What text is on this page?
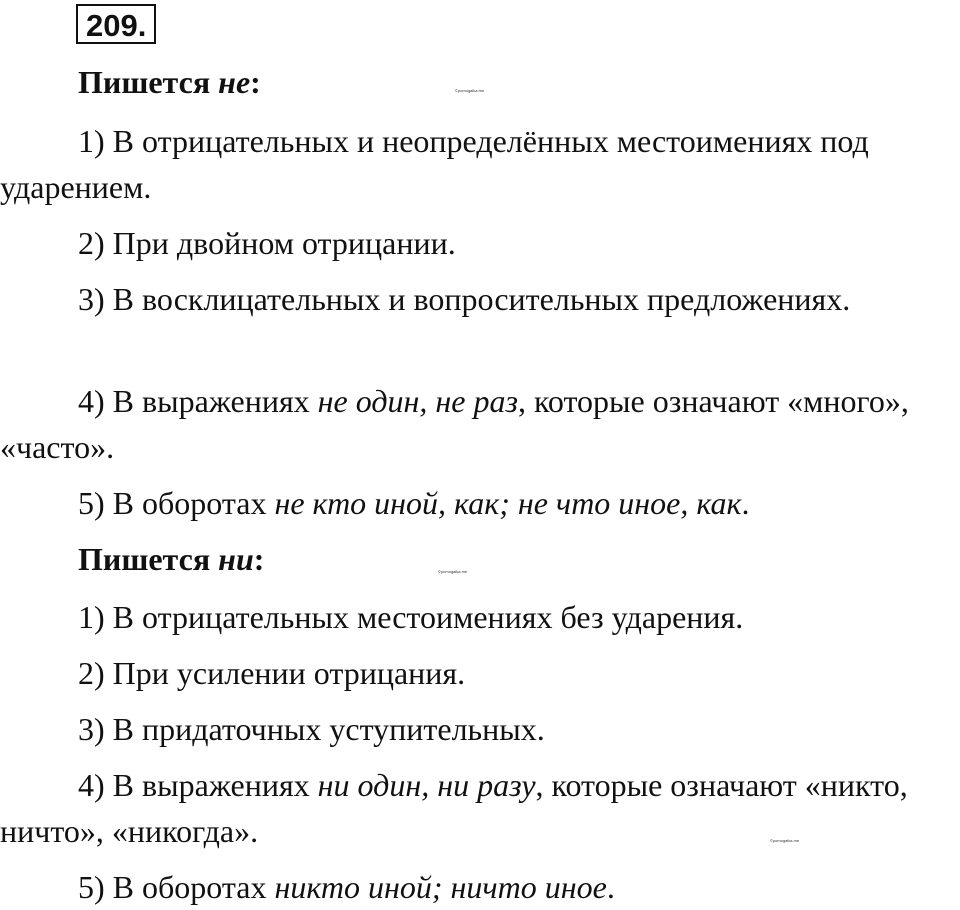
209.
Пишется не:	©pomogalka.me

1) В отрицательных и неопределённых местоимениях под ударением.

2) При двойном отрицании.

3) В восклицательных и вопросительных предложениях.

4) В выражениях не один, не раз, которые означают «много», «часто».

5) В оборотах не кто иной, как; не что иное, как.

Пишется ни:	©pomogalka.me

1) В отрицательных местоимениях без ударения.

2) При усилении отрицания.

3) В придаточных уступительных.

4) В выражениях ни один, ни разу, которые означают «никто, ничто», «никогда».	©pomogalka.me

5) В оборотах никто иной; ничто иное.
